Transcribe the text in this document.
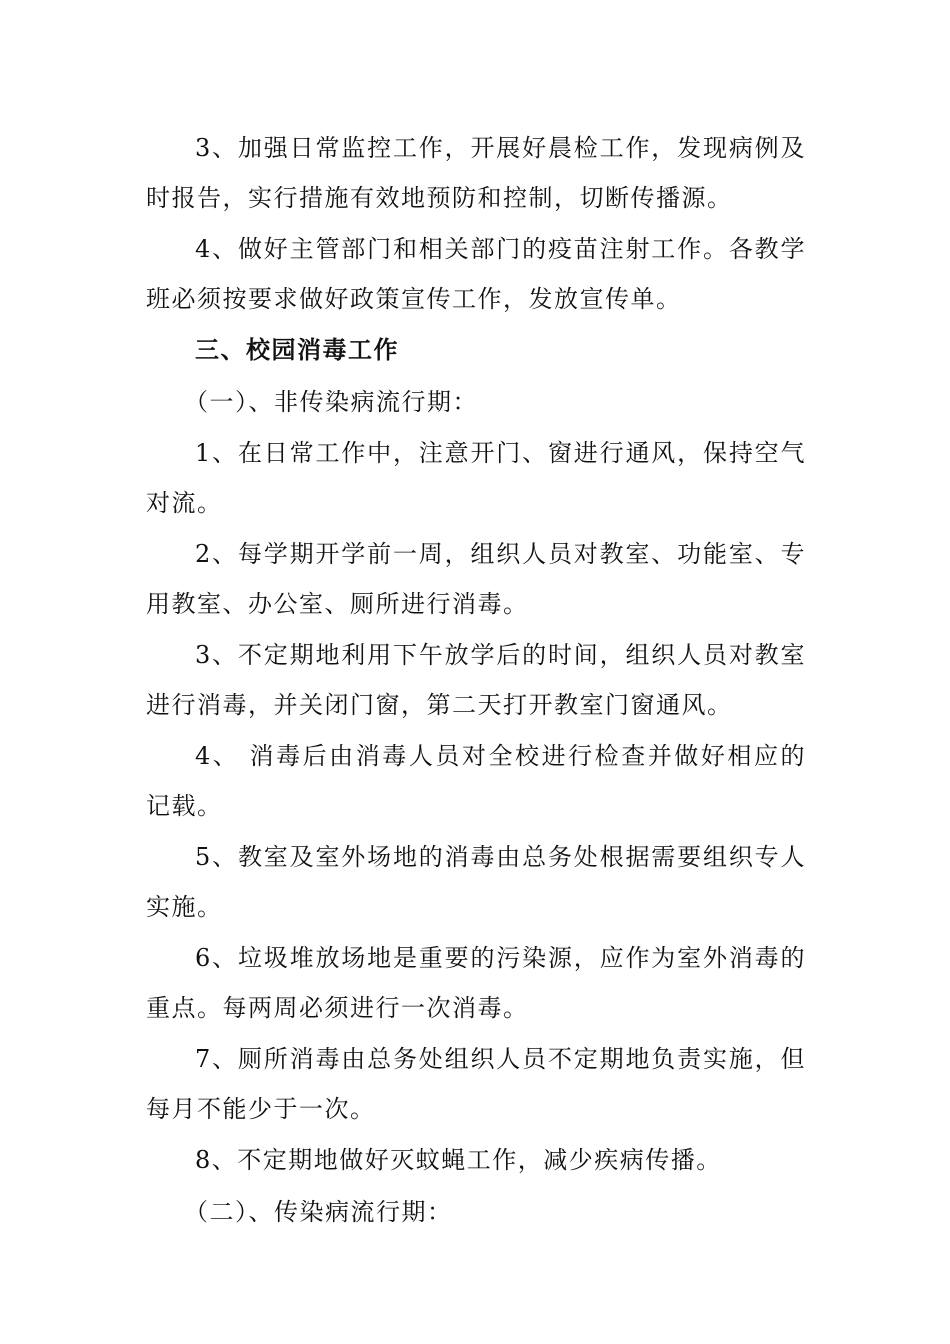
3、加强日常监控工作，开展好晨检工作，发现病例及时报告，实行措施有效地预防和控制，切断传播源。

4、做好主管部门和相关部门的疫苗注射工作。各教学班必须按要求做好政策宣传工作，发放宣传单。

三、校园消毒工作

（一）、非传染病流行期：

1、在日常工作中，注意开门、窗进行通风，保持空气对流。

2、每学期开学前一周，组织人员对教室、功能室、专用教室、办公室、厕所进行消毒。

3、不定期地利用下午放学后的时间，组织人员对教室进行消毒，并关闭门窗，第二天打开教室门窗通风。

4、 消毒后由消毒人员对全校进行检查并做好相应的记载。

5、教室及室外场地的消毒由总务处根据需要组织专人实施。

6、垃圾堆放场地是重要的污染源，应作为室外消毒的重点。每两周必须进行一次消毒。

7、厕所消毒由总务处组织人员不定期地负责实施，但每月不能少于一次。

8、不定期地做好灭蚊蝇工作，减少疾病传播。

（二）、传染病流行期：
